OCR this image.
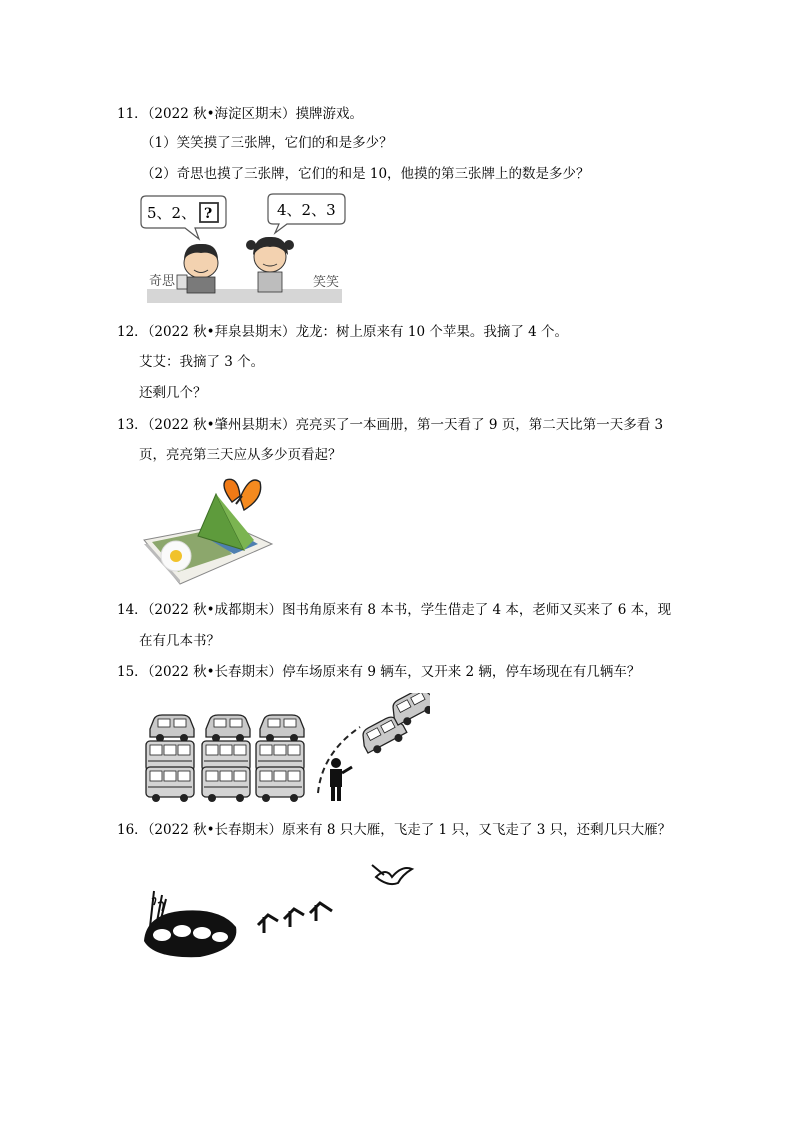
11．（2022 秋•海淀区期末）摸牌游戏。
（1）笑笑摸了三张牌，它们的和是多少？
（2）奇思也摸了三张牌，它们的和是 10，他摸的第三张牌上的数是多少？
5、2、 ?	4、2、3
奇思	笑笑
12．（2022 秋•拜泉县期末）龙龙：树上原来有 10 个苹果。我摘了 4 个。
艾艾：我摘了 3 个。
还剩几个？
13．（2022 秋•肇州县期末）亮亮买了一本画册，第一天看了 9 页，第二天比第一天多看 3
页，亮亮第三天应从多少页看起？
14．（2022 秋•成都期末）图书角原来有 8 本书，学生借走了 4 本，老师又买来了 6 本，现
在有几本书？
15．（2022 秋•长春期末）停车场原来有 9 辆车，又开来 2 辆，停车场现在有几辆车？
16．（2022 秋•长春期末）原来有 8 只大雁，飞走了 1 只，又飞走了 3 只，还剩几只大雁？
